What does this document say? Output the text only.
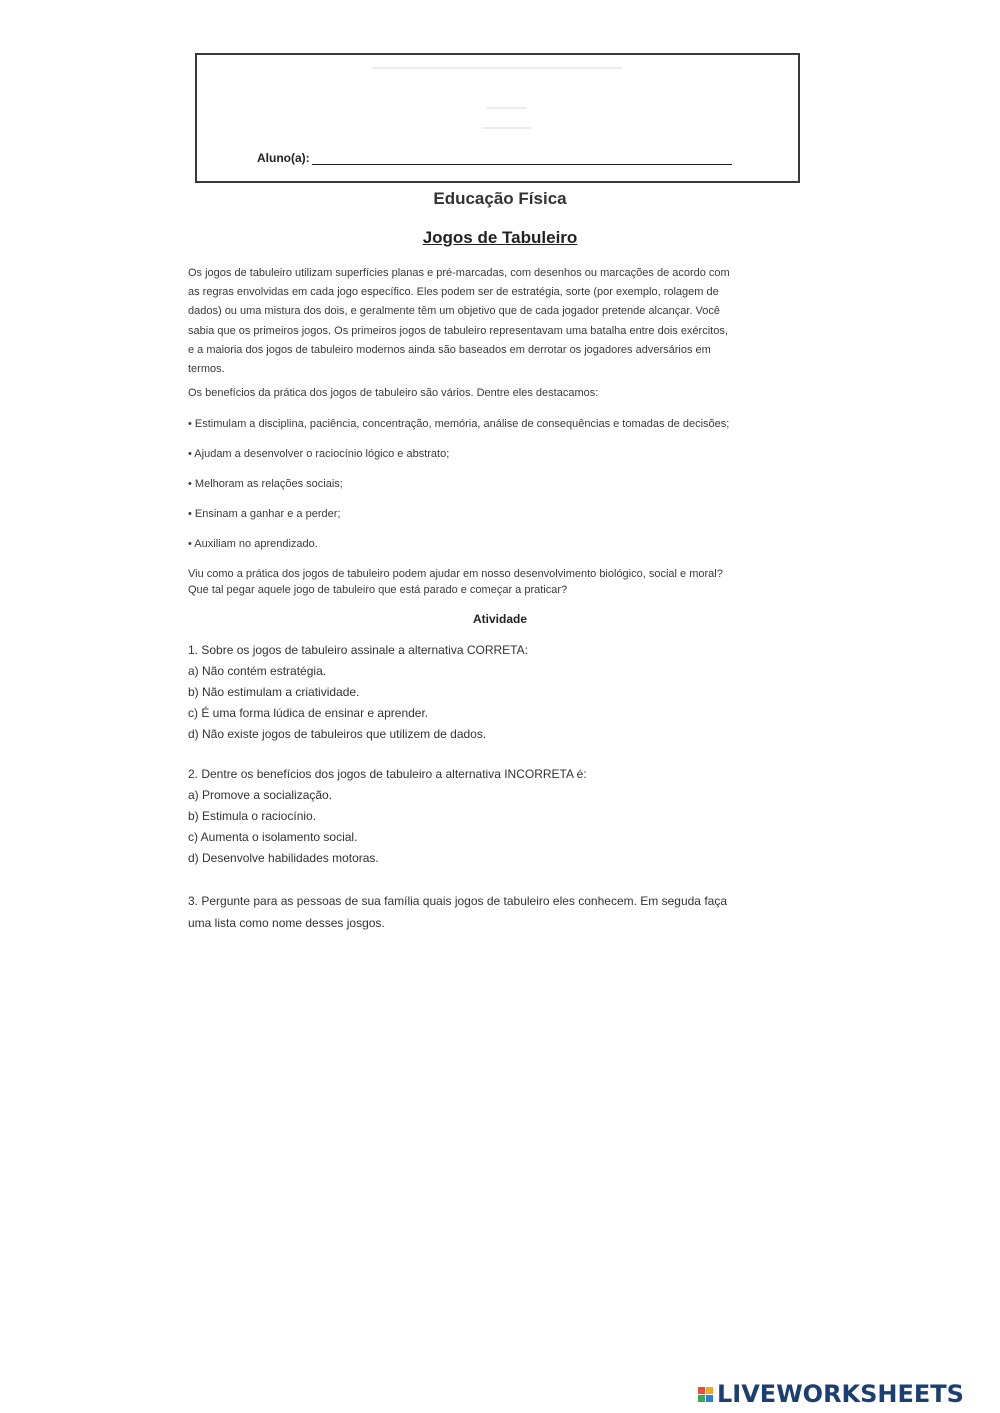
Aluno(a):
Educação Física
Jogos de Tabuleiro
Os jogos de tabuleiro utilizam superfícies planas e pré-marcadas, com desenhos ou marcações de acordo com
as regras envolvidas em cada jogo específico. Eles podem ser de estratégia, sorte (por exemplo, rolagem de
dados) ou uma mistura dos dois, e geralmente têm um objetivo que de cada jogador pretende alcançar. Você
sabia que os primeiros jogos. Os primeiros jogos de tabuleiro representavam uma batalha entre dois exércitos,
e a maioria dos jogos de tabuleiro modernos ainda são baseados em derrotar os jogadores adversários em
termos.
Os benefícios da prática dos jogos de tabuleiro são vários. Dentre eles destacamos:
• Estimulam a disciplina, paciência, concentração, memória, análise de consequências e tomadas de decisões;
• Ajudam a desenvolver o raciocínio lógico e abstrato;
• Melhoram as relações sociais;
• Ensinam a ganhar e a perder;
• Auxiliam no aprendizado.
Viu como a prática dos jogos de tabuleiro podem ajudar em nosso desenvolvimento biológico, social e moral?
Que tal pegar aquele jogo de tabuleiro que está parado e começar a praticar?
Atividade
1. Sobre os jogos de tabuleiro assinale a alternativa CORRETA:
a) Não contém estratégia.
b) Não estimulam a criatividade.
c) É uma forma lúdica de ensinar e aprender.
d) Não existe jogos de tabuleiros que utilizem de dados.
2. Dentre os benefícios dos jogos de tabuleiro a alternativa INCORRETA é:
a) Promove a socialização.
b) Estimula o raciocínio.
c) Aumenta o isolamento social.
d) Desenvolve habilidades motoras.
3. Pergunte para as pessoas de sua família quais jogos de tabuleiro eles conhecem. Em seguda faça
uma lista como nome desses josgos.
LIVEWORKSHEETS
